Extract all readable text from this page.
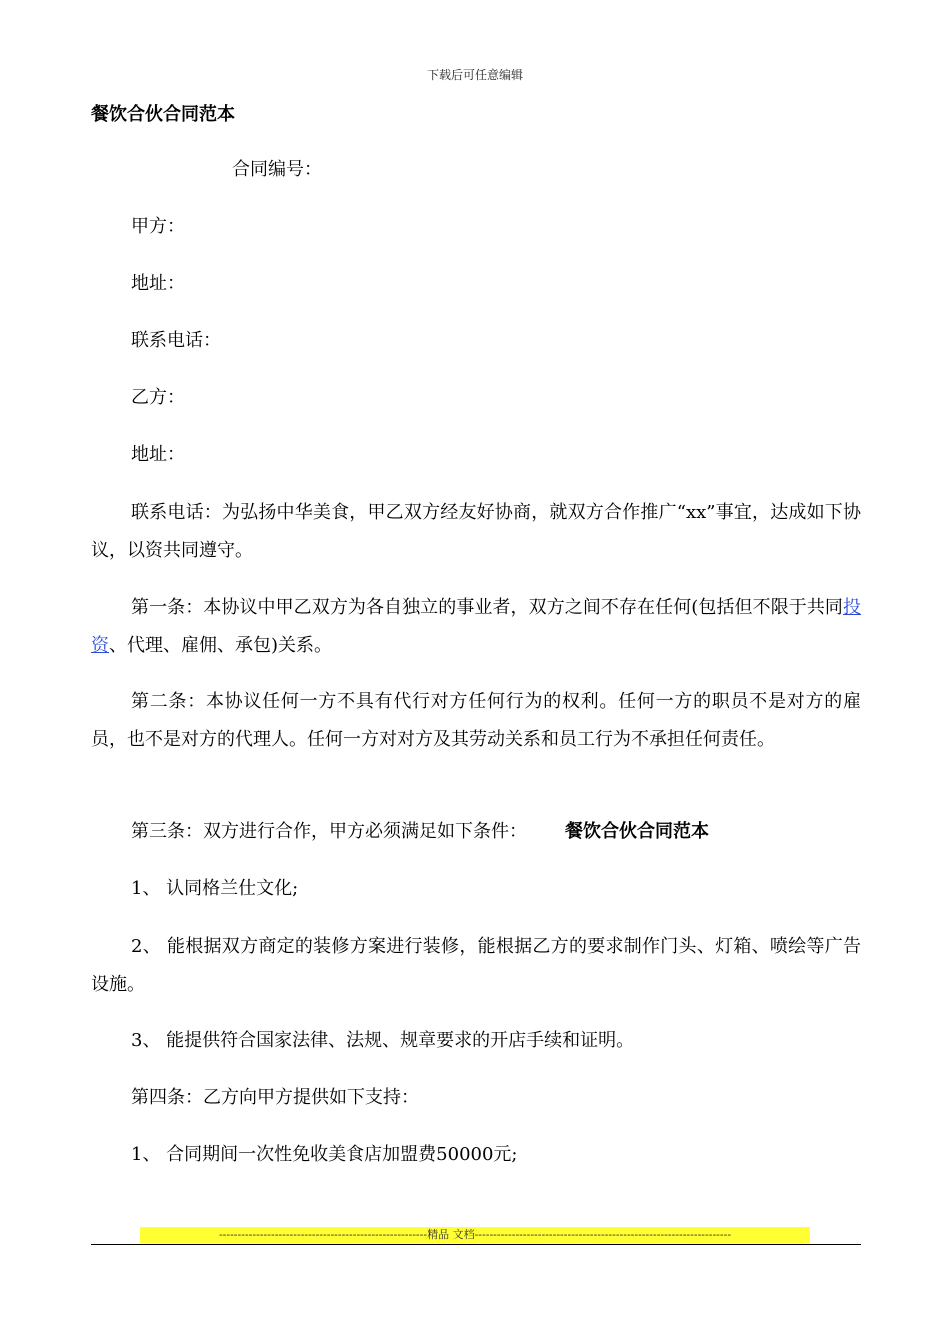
下载后可任意编辑
餐饮合伙合同范本
合同编号：
甲方：
地址：
联系电话：
乙方：
地址：
联系电话：为弘扬中华美食，甲乙双方经友好协商，就双方合作推广“xx”事宜，达成如下协议，以资共同遵守。
第一条：本协议中甲乙双方为各自独立的事业者，双方之间不存在任何(包括但不限于共同投资、代理、雇佣、承包)关系。
第二条：本协议任何一方不具有代行对方任何行为的权利。任何一方的职员不是对方的雇员，也不是对方的代理人。任何一方对对方及其劳动关系和员工行为不承担任何责任。
第三条：双方进行合作，甲方必须满足如下条件： 餐饮合伙合同范本
1、 认同格兰仕文化;
2、 能根据双方商定的装修方案进行装修，能根据乙方的要求制作门头、灯箱、喷绘等广告设施。
3、 能提供符合国家法律、法规、规章要求的开店手续和证明。
第四条：乙方向甲方提供如下支持：
1、 合同期间一次性免收美食店加盟费50000元;
--------------------------------------------------------精品 文档---------------------------------------------------------------------
